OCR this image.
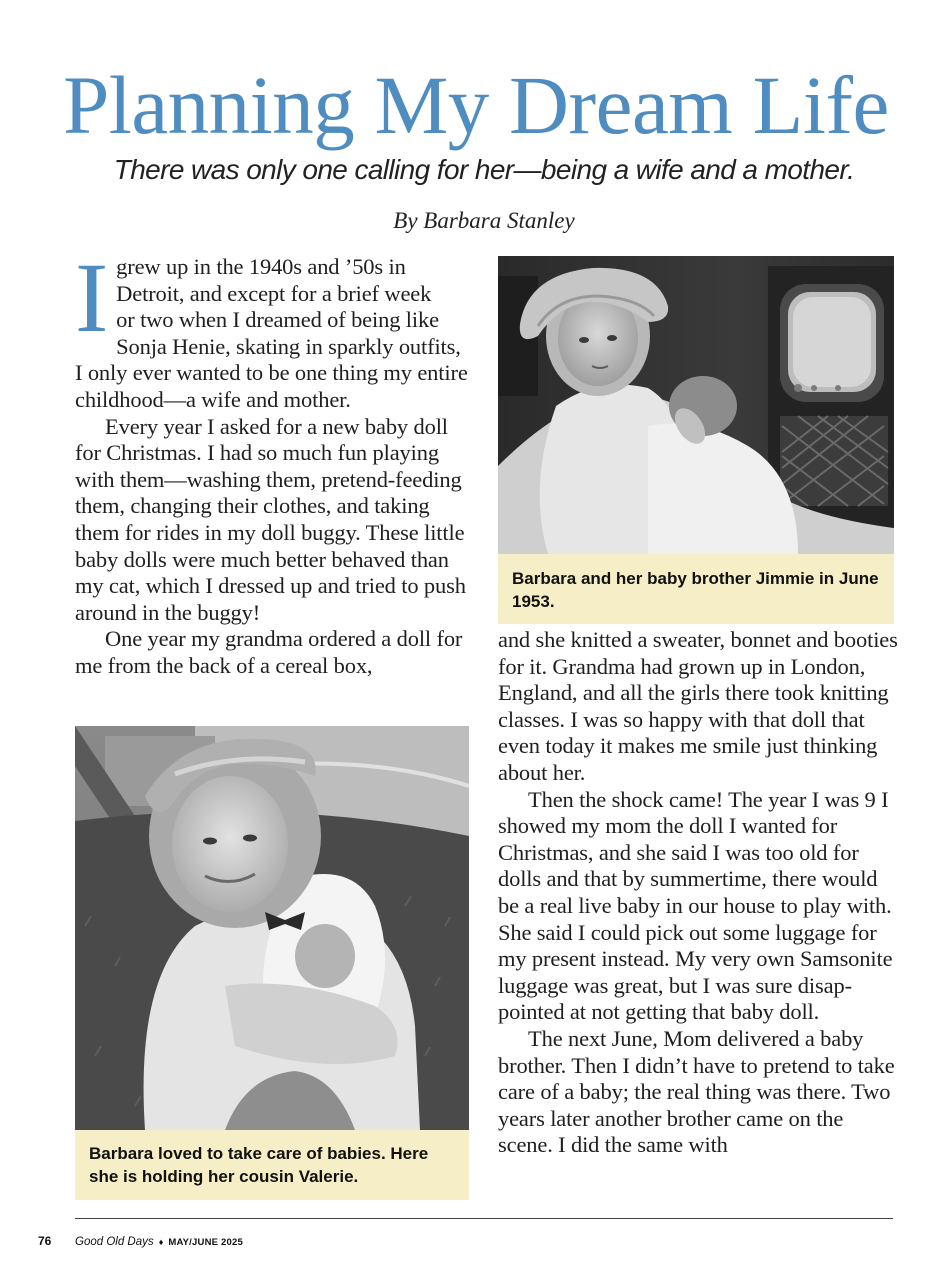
Planning My Dream Life
There was only one calling for her—being a wife and a mother.
By Barbara Stanley

I grew up in the 1940s and ’50s in
Detroit, and except for a brief week
or two when I dreamed of being like Sonja Henie, skating in sparkly outfits, I only ever wanted to be one thing my entire childhood—a wife and mother.

Every year I asked for a new baby doll for Christmas. I had so much fun playing with them—washing them, pretend-feeding them, changing their clothes, and taking them for rides in my doll buggy. These little baby dolls were much better behaved than my cat, which I dressed up and tried to push around in the buggy!

One year my grandma ordered a doll for me from the back of a cereal box,

Barbara and her baby brother Jimmie in June 1953.

and she knitted a sweater, bonnet and booties for it. Grandma had grown up in London, England, and all the girls there took knitting classes. I was so happy with that doll that even today it makes me smile just thinking about her.

Then the shock came! The year I was 9 I showed my mom the doll I wanted for Christmas, and she said I was too old for dolls and that by summertime, there would be a real live baby in our house to play with. She said I could pick out some luggage for my present instead. My very own Samsonite luggage was great, but I was sure disappointed at not getting that baby doll.

The next June, Mom delivered a baby brother. Then I didn’t have to pretend to take care of a baby; the real thing was there. Two years later another brother came on the scene. I did the same with

Barbara loved to take care of babies. Here she is holding her cousin Valerie.
76 Good Old Days ♦ MAY/JUNE 2025
